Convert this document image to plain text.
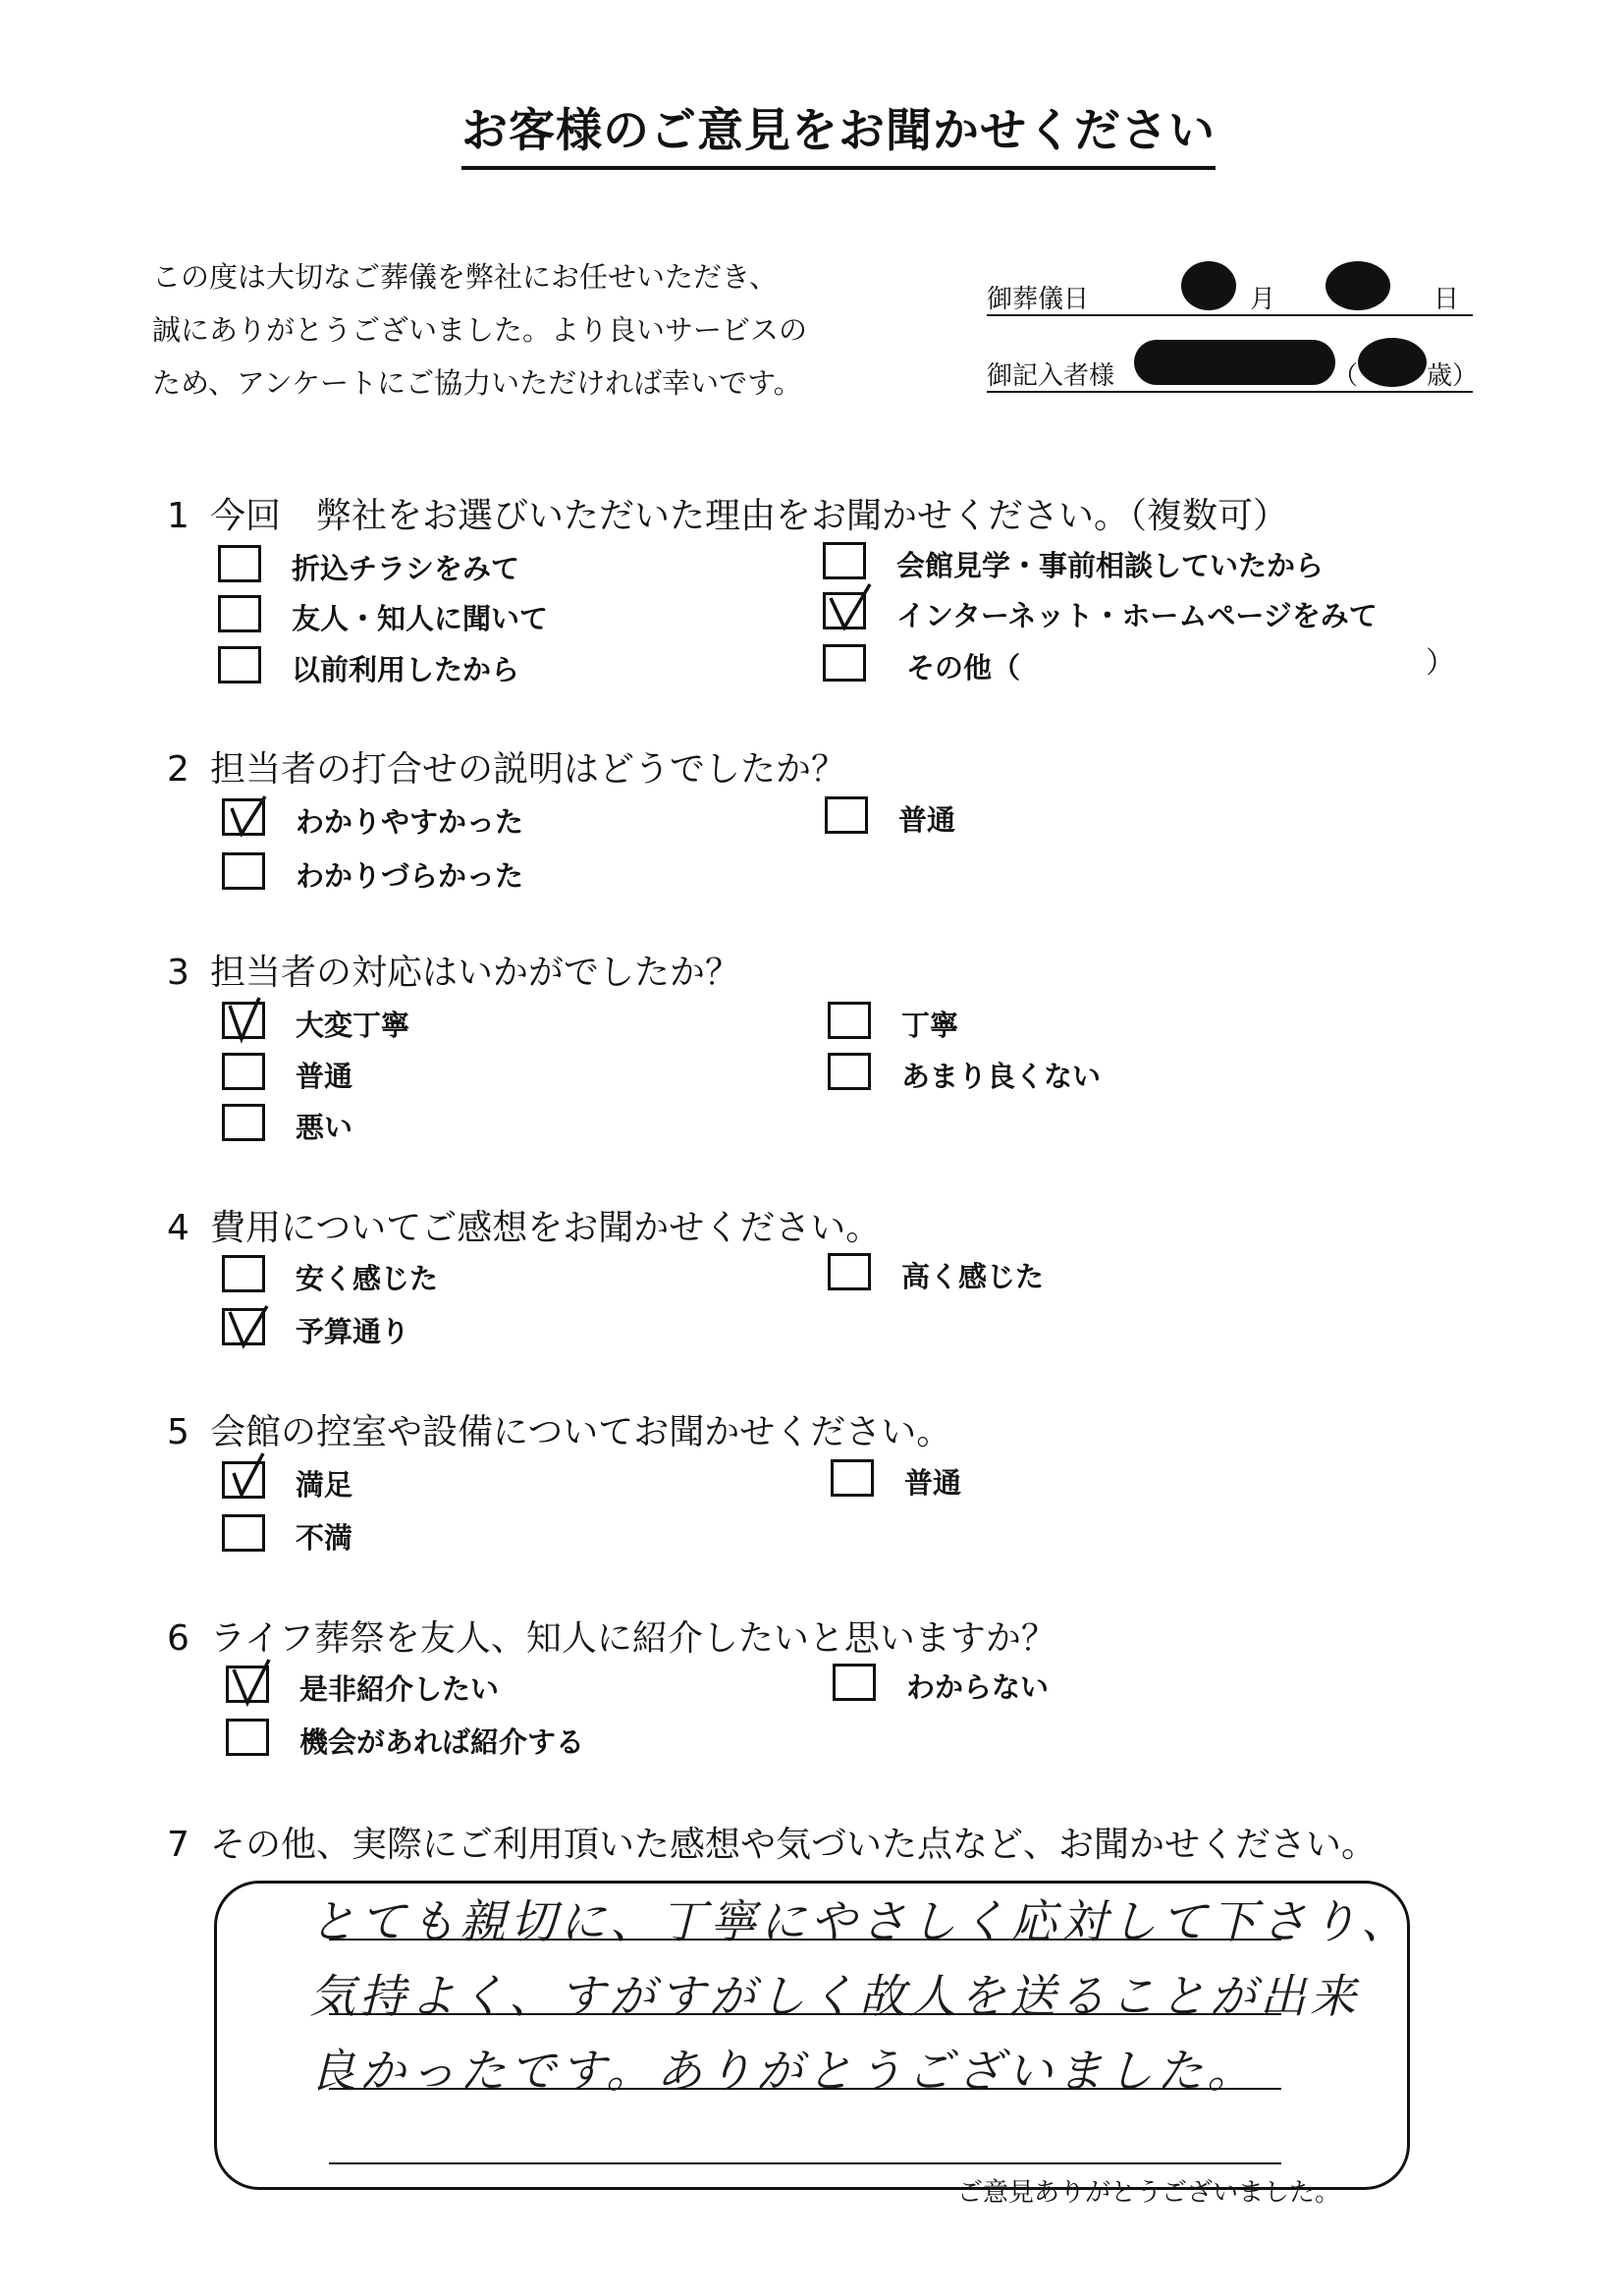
お客様のご意見をお聞かせください
この度は大切なご葬儀を弊社にお任せいただき、
誠にありがとうございました。より良いサービスの
ため、アンケートにご協力いただければ幸いです。
御葬儀日	月	日
御記入者様	（	歳）
1 今回　弊社をお選びいただいた理由をお聞かせください。（複数可）
折込チラシをみて	会館見学・事前相談していたから
友人・知人に聞いて	インターネット・ホームページをみて
以前利用したから	その他（	）
2 担当者の打合せの説明はどうでしたか？
わかりやすかった	普通
わかりづらかった
3 担当者の対応はいかがでしたか？
大変丁寧	丁寧
普通	あまり良くない
悪い
4 費用についてご感想をお聞かせください。
安く感じた	高く感じた
予算通り
5 会館の控室や設備についてお聞かせください。
満足	普通
不満
6 ライフ葬祭を友人、知人に紹介したいと思いますか？
是非紹介したい	わからない
機会があれば紹介する
7 その他、実際にご利用頂いた感想や気づいた点など、お聞かせください。
とても親切に、丁寧にやさしく応対して下さり、
気持よく、すがすがしく故人を送ることが出来
良かったです。ありがとうございました。
ご意見ありがとうございました。
